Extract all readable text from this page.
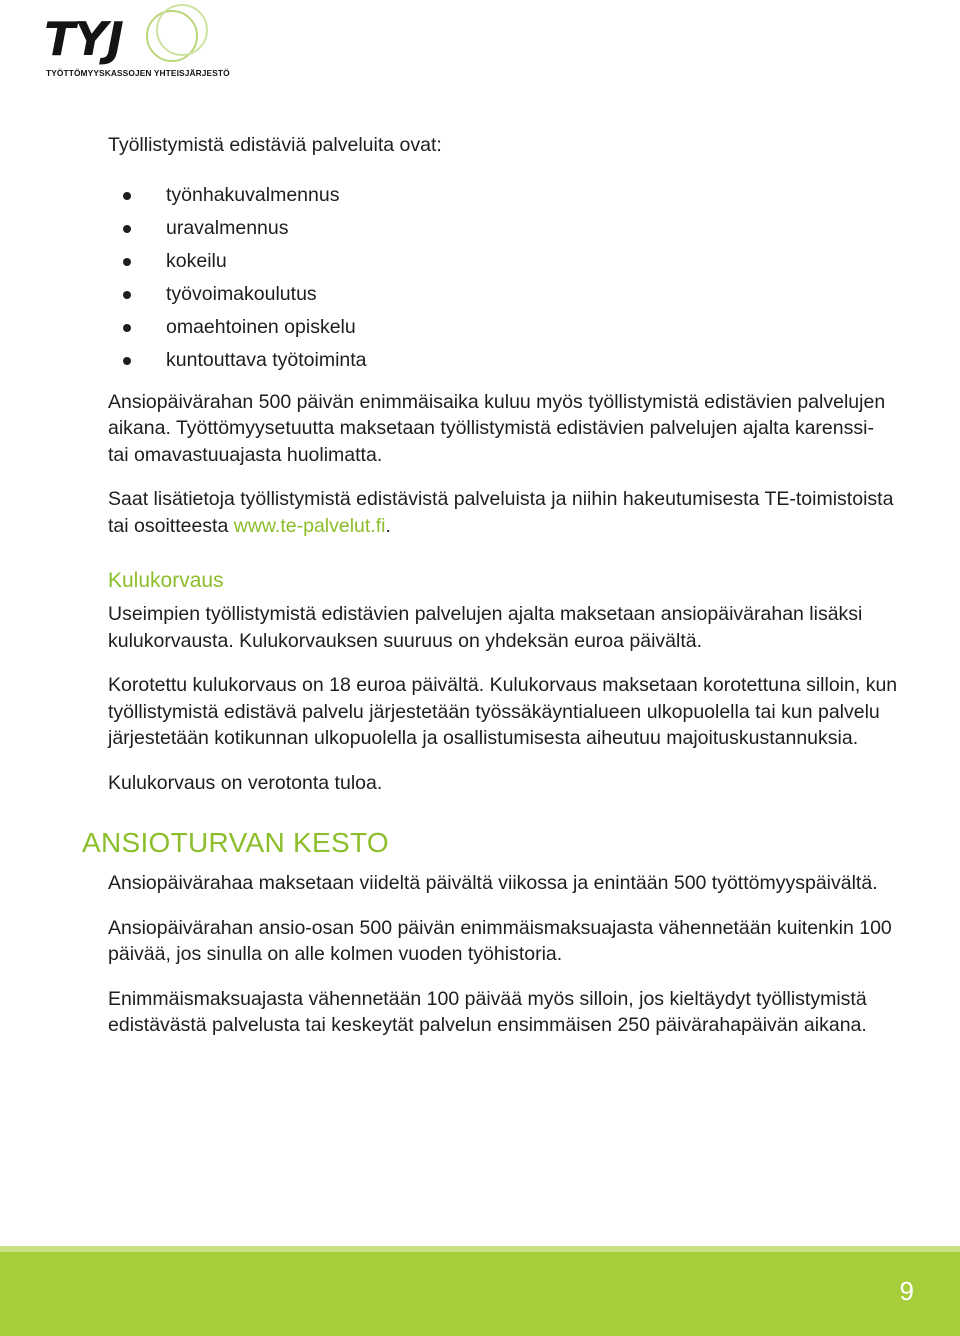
TYJ
TYÖTTÖMYYSKASSOJEN YHTEISJÄRJESTÖ

Työllistymistä edistäviä palveluita ovat:

työnhakuvalmennus
uravalmennus
kokeilu
työvoimakoulutus
omaehtoinen opiskelu
kuntouttava työtoiminta

Ansiopäivärahan 500 päivän enimmäisaika kuluu myös työllistymistä edistävien palvelujen aikana. Työttömyysetuutta maksetaan työllistymistä edistävien palvelujen ajalta karenssi- tai omavastuuajasta huolimatta.

Saat lisätietoja työllistymistä edistävistä palveluista ja niihin hakeutumisesta TE-toimistoista tai osoitteesta www.te-palvelut.fi.

Kulukorvaus

Useimpien työllistymistä edistävien palvelujen ajalta maksetaan ansiopäivärahan lisäksi kulukorvausta. Kulukorvauksen suuruus on yhdeksän euroa päivältä.

Korotettu kulukorvaus on 18 euroa päivältä. Kulukorvaus maksetaan korotettuna silloin, kun työllistymistä edistävä palvelu järjestetään työssäkäyntialueen ulkopuolella tai kun palvelu järjestetään kotikunnan ulkopuolella ja osallistumisesta aiheutuu majoituskustannuksia.

Kulukorvaus on verotonta tuloa.

ANSIOTURVAN KESTO

Ansiopäivärahaa maksetaan viideltä päivältä viikossa ja enintään 500 työttömyyspäivältä.

Ansiopäivärahan ansio-osan 500 päivän enimmäismaksuajasta vähennetään kuitenkin 100 päivää, jos sinulla on alle kolmen vuoden työhistoria.

Enimmäismaksuajasta vähennetään 100 päivää myös silloin, jos kieltäydyt työllistymistä edistävästä palvelusta tai keskeytät palvelun ensimmäisen 250 päivärahapäivän aikana.

9
